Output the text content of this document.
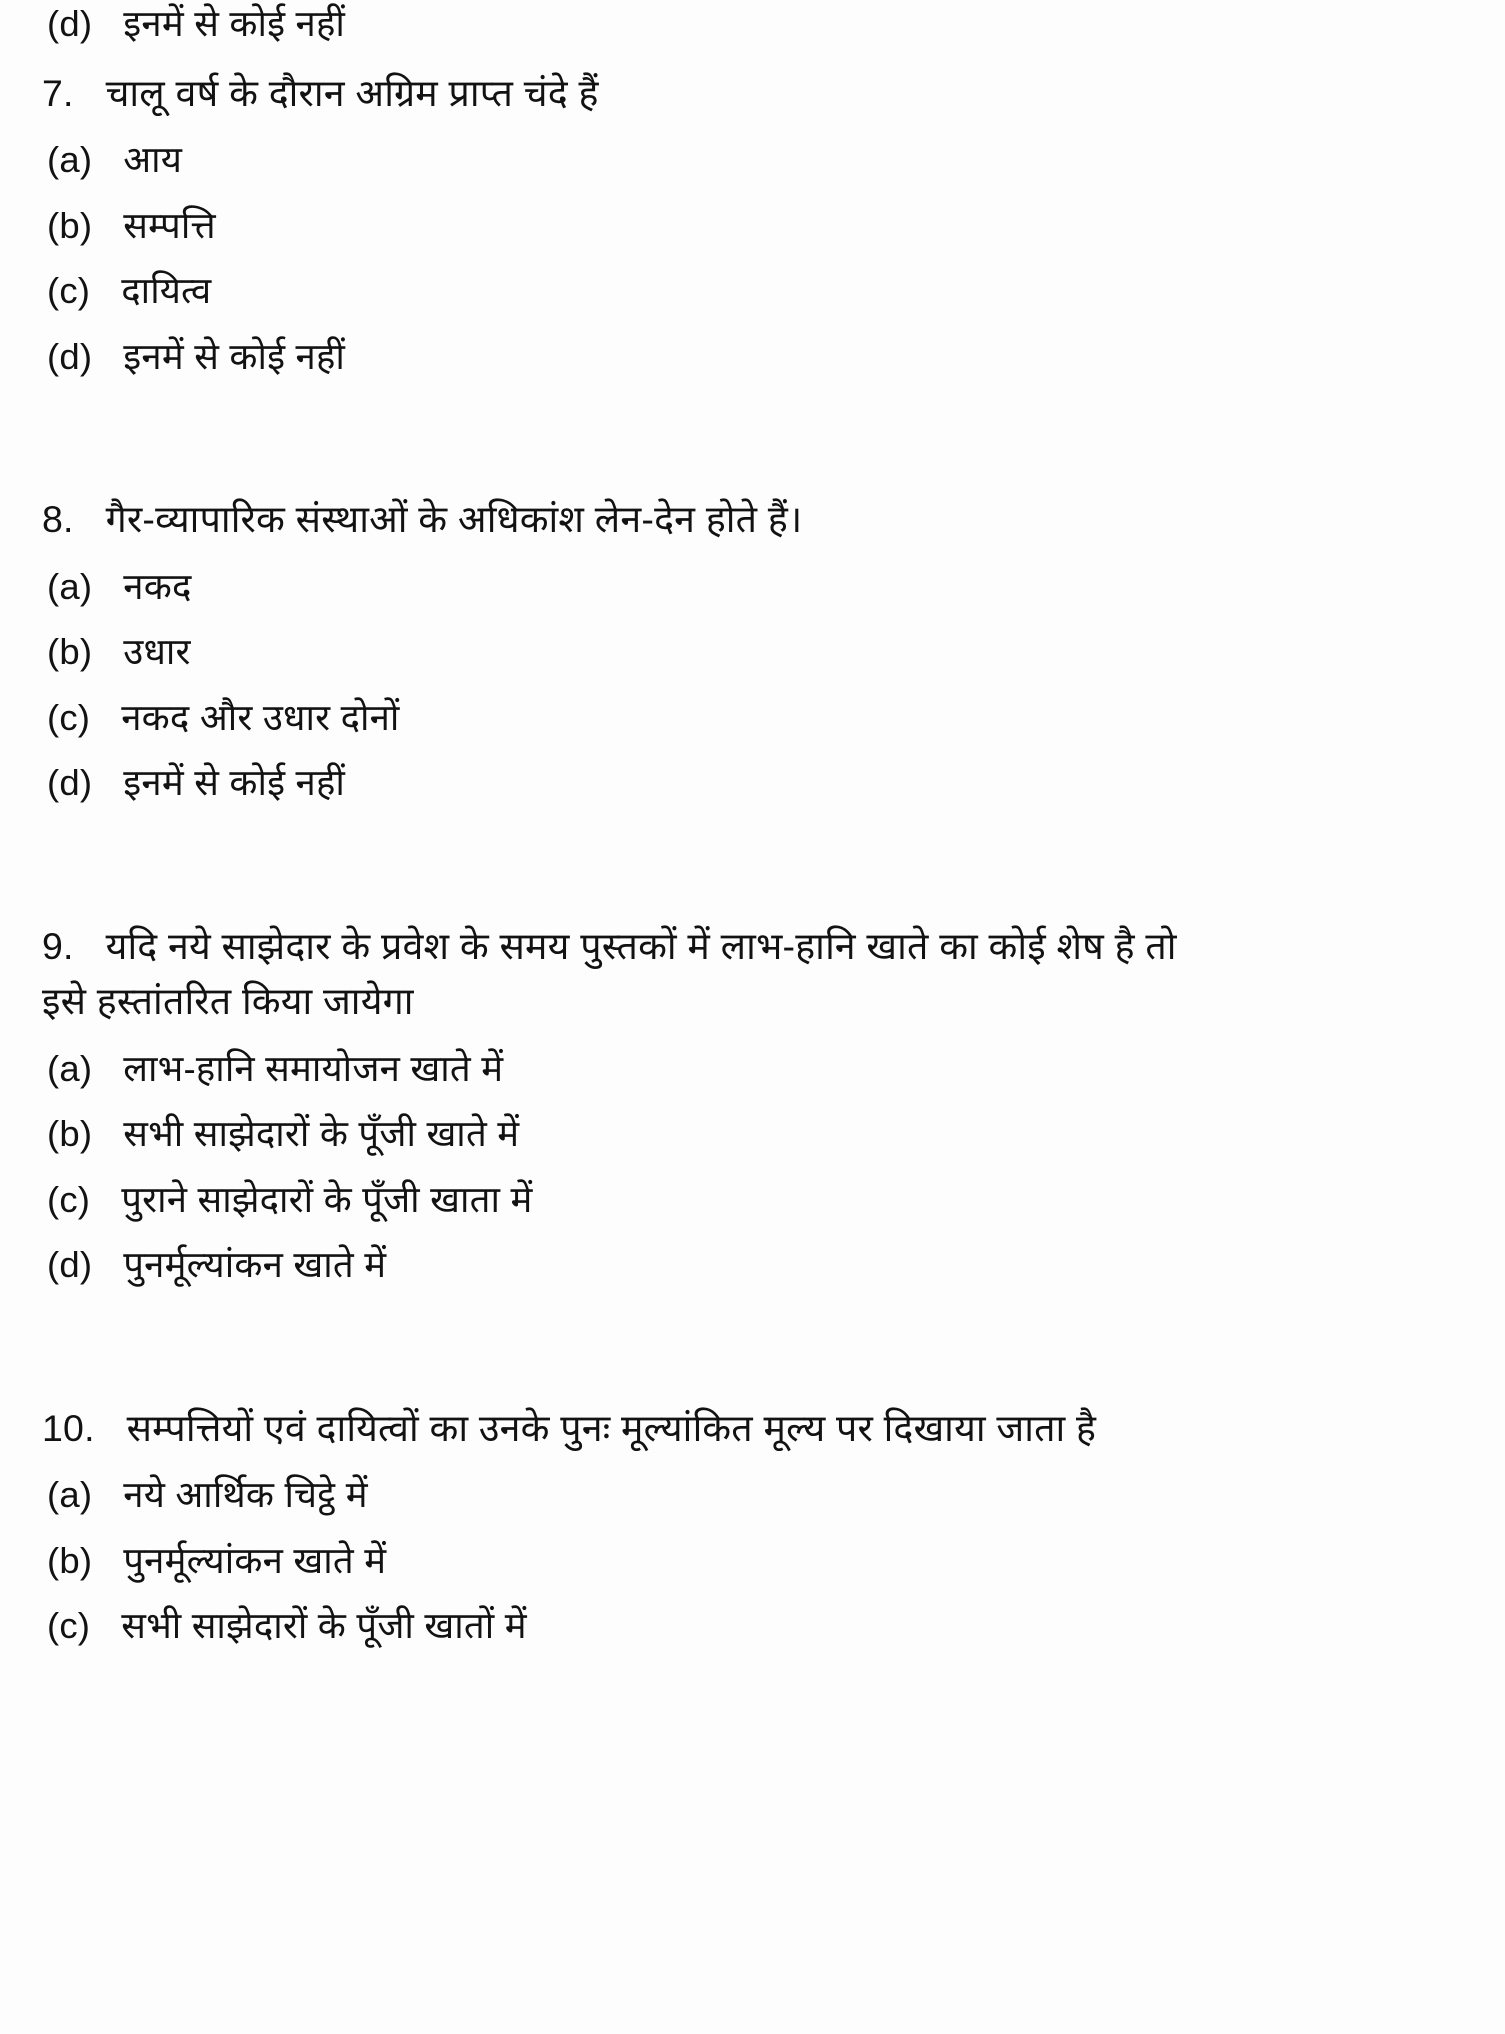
(d) इनमें से कोई नहीं
7. चालू वर्ष के दौरान अग्रिम प्राप्त चंदे हैं
(a) आय
(b) सम्पत्ति
(c) दायित्व
(d) इनमें से कोई नहीं
8. गैर-व्यापारिक संस्थाओं के अधिकांश लेन-देन होते हैं।
(a) नकद
(b) उधार
(c) नकद और उधार दोनों
(d) इनमें से कोई नहीं
9. यदि नये साझेदार के प्रवेश के समय पुस्तकों में लाभ-हानि खाते का कोई शेष है तो
इसे हस्तांतरित किया जायेगा
(a) लाभ-हानि समायोजन खाते में
(b) सभी साझेदारों के पूँजी खाते में
(c) पुराने साझेदारों के पूँजी खाता में
(d) पुनर्मूल्यांकन खाते में
10. सम्पत्तियों एवं दायित्वों का उनके पुनः मूल्यांकित मूल्य पर दिखाया जाता है
(a) नये आर्थिक चिट्ठे में
(b) पुनर्मूल्यांकन खाते में
(c) सभी साझेदारों के पूँजी खातों में
